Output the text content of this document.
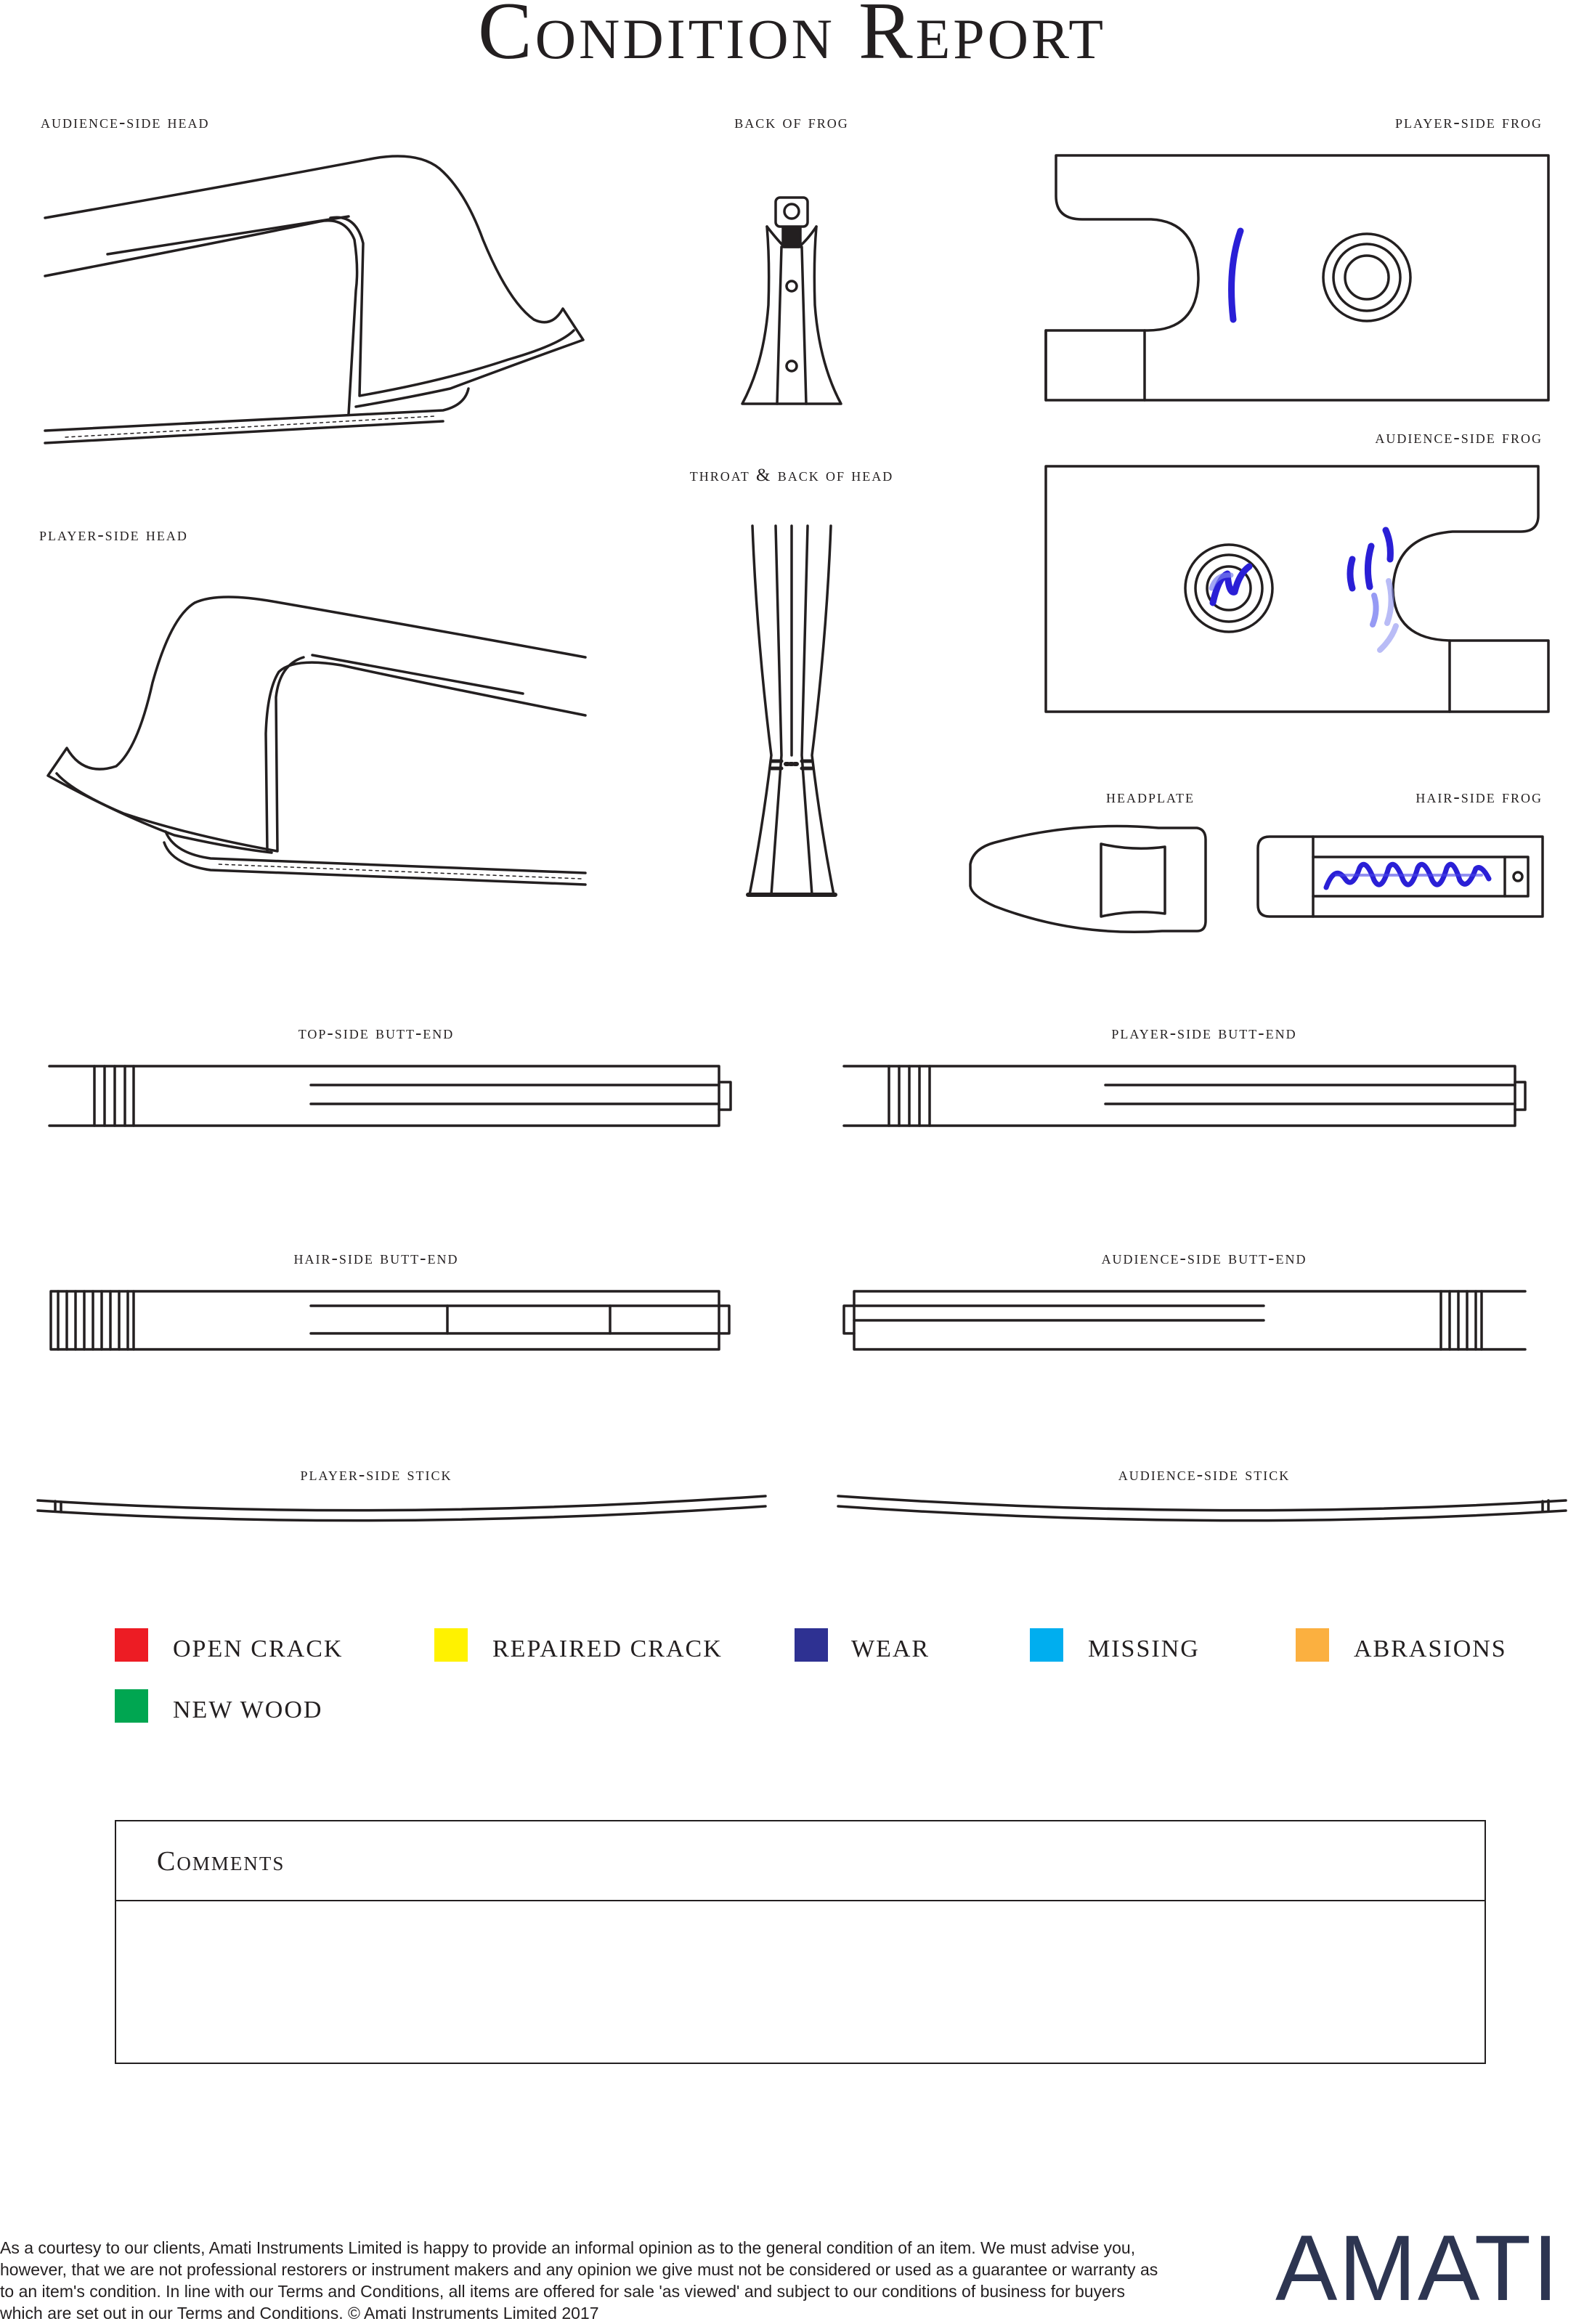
Condition Report
audience-side head	back of frog	player-side frog
throat & back of head
audience-side frog
player-side head
headplate	hair-side frog
top-side butt-end	player-side butt-end
hair-side butt-end	audience-side butt-end
player-side stick	audience-side stick
OPEN CRACK	REPAIRED CRACK	WEAR	MISSING	ABRASIONS
NEW WOOD
Comments
As a courtesy to our clients, Amati Instruments Limited is happy to provide an informal opinion as to the general condition of an item. We must advise you, however, that we are not professional restorers or instrument makers and any opinion we give must not be considered or used as a guarantee or warranty as to an item's condition. In line with our Terms and Conditions, all items are offered for sale 'as viewed' and subject to our conditions of business for buyers which are set out in our Terms and Conditions. © Amati Instruments Limited 2017	AMATI
